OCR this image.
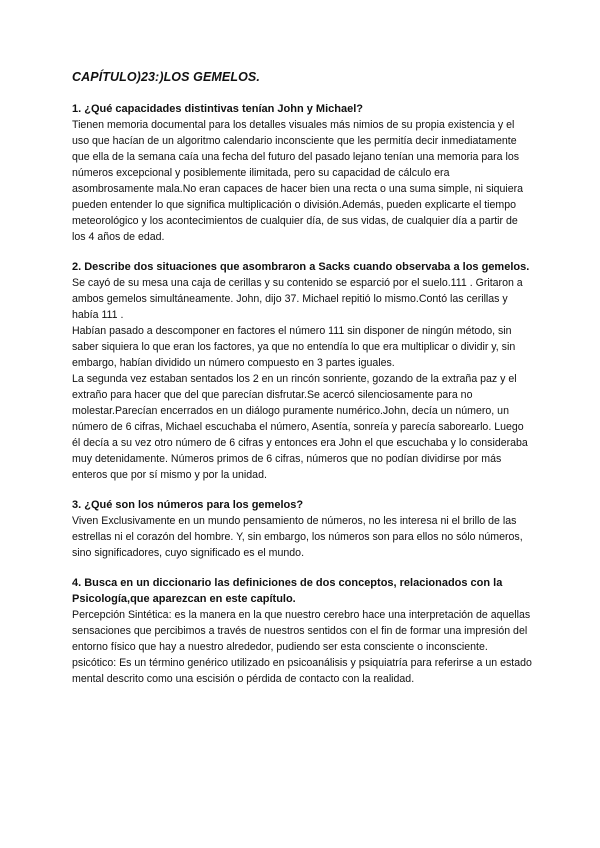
CAPÍTULO)23:)LOS GEMELOS.

1. ¿Qué capacidades distintivas tenían John y Michael?

Tienen memoria documental para los detalles visuales más nimios de su propia existencia y el uso que hacían de un algoritmo calendario inconsciente que les permitía decir inmediatamente que ella de la semana caía una fecha del futuro del pasado lejano tenían una memoria para los números excepcional y posiblemente ilimitada, pero su capacidad de cálculo era asombrosamente mala.No eran capaces de hacer bien una recta o una suma simple, ni siquiera pueden entender lo que significa multiplicación o división.Además, pueden explicarte el tiempo meteorológico y los acontecimientos de cualquier día, de sus vidas, de cualquier día a partir de los 4 años de edad.

2. Describe dos situaciones que asombraron a Sacks cuando observaba a los gemelos.

Se cayó de su mesa una caja de cerillas y su contenido se esparció por el suelo.111 . Gritaron a ambos gemelos simultáneamente. John, dijo 37. Michael repitió lo mismo.Contó las cerillas y había 111 .

Habían pasado a descomponer en factores el número 111 sin disponer de ningún método, sin saber siquiera lo que eran los factores, ya que no entendía lo que era multiplicar o dividir y, sin embargo, habían dividido un número compuesto en 3 partes iguales.

La segunda vez estaban sentados los 2 en un rincón sonriente, gozando de la extraña paz y el extraño para hacer que del que parecían disfrutar.Se acercó silenciosamente para no molestar.Parecían encerrados en un diálogo puramente numérico.John, decía un número, un número de 6 cifras, Michael escuchaba el número, Asentía, sonreía y parecía saborearlo. Luego él decía a su vez otro número de 6 cifras y entonces era John el que escuchaba y lo consideraba muy detenidamente. Números primos de 6 cifras, números que no podían dividirse por más enteros que por sí mismo y por la unidad.

3. ¿Qué son los números para los gemelos?

Viven Exclusivamente en un mundo pensamiento de números, no les interesa ni el brillo de las estrellas ni el corazón del hombre. Y, sin embargo, los números son para ellos no sólo números, sino significadores, cuyo significado es el mundo.

4. Busca en un diccionario las definiciones de dos conceptos, relacionados con la Psicología,que aparezcan en este capítulo.

Percepción Sintética: es la manera en la que nuestro cerebro hace una interpretación de aquellas sensaciones que percibimos a través de nuestros sentidos con el fin de formar una impresión del entorno físico que hay a nuestro alrededor, pudiendo ser esta consciente o inconsciente.

psicótico: Es un término genérico utilizado en psicoanálisis y psiquiatría para referirse a un estado mental descrito como una escisión o pérdida de contacto con la realidad.
